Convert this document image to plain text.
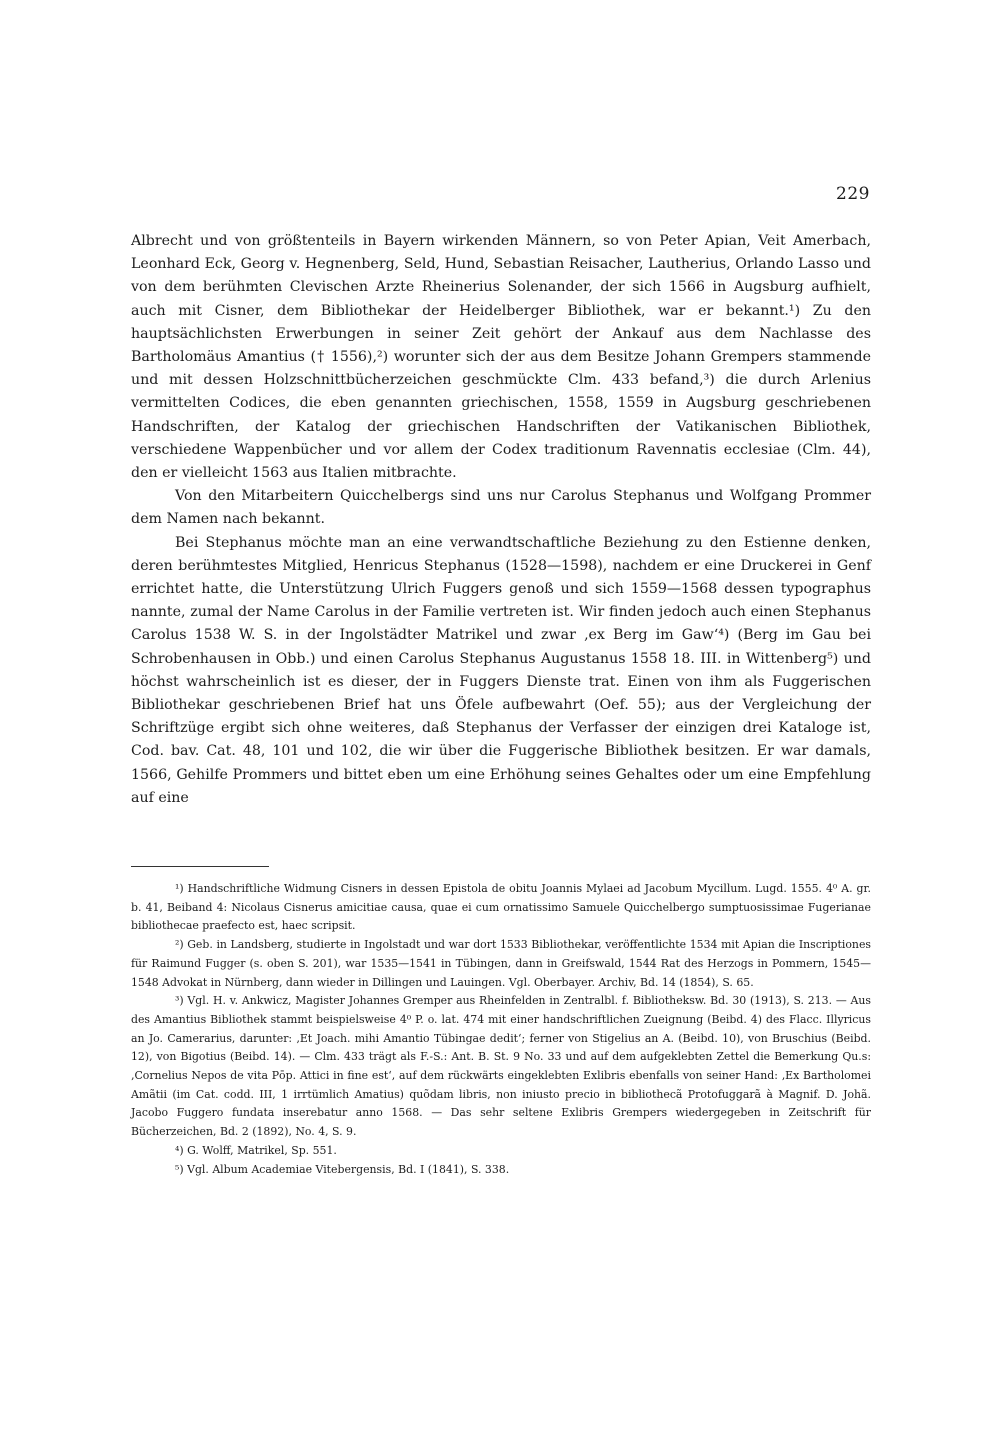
229

Albrecht und von größtenteils in Bayern wirkenden Männern, so von Peter Apian, Veit Amerbach, Leonhard Eck, Georg v. Hegnenberg, Seld, Hund, Sebastian Reisacher, Lautherius, Orlando Lasso und von dem berühmten Clevischen Arzte Rheinerius Solenander, der sich 1566 in Augsburg aufhielt, auch mit Cisner, dem Bibliothekar der Heidelberger Bibliothek, war er bekannt.¹) Zu den hauptsächlichsten Erwerbungen in seiner Zeit gehört der Ankauf aus dem Nachlasse des Bartholomäus Amantius († 1556),²) worunter sich der aus dem Besitze Johann Grempers stammende und mit dessen Holzschnittbücherzeichen geschmückte Clm. 433 befand,³) die durch Arlenius vermittelten Codices, die eben genannten griechischen, 1558, 1559 in Augsburg geschriebenen Handschriften, der Katalog der griechischen Handschriften der Vatikanischen Bibliothek, verschiedene Wappenbücher und vor allem der Codex traditionum Ravennatis ecclesiae (Clm. 44), den er vielleicht 1563 aus Italien mitbrachte.

Von den Mitarbeitern Quicchelbergs sind uns nur Carolus Stephanus und Wolfgang Prommer dem Namen nach bekannt.

Bei Stephanus möchte man an eine verwandtschaftliche Beziehung zu den Estienne denken, deren berühmtestes Mitglied, Henricus Stephanus (1528—1598), nachdem er eine Druckerei in Genf errichtet hatte, die Unterstützung Ulrich Fuggers genoß und sich 1559—1568 dessen typographus nannte, zumal der Name Carolus in der Familie vertreten ist. Wir finden jedoch auch einen Stephanus Carolus 1538 W. S. in der Ingolstädter Matrikel und zwar ‚ex Berg im Gaw‘⁴) (Berg im Gau bei Schrobenhausen in Obb.) und einen Carolus Stephanus Augustanus 1558 18. III. in Wittenberg⁵) und höchst wahrscheinlich ist es dieser, der in Fuggers Dienste trat. Einen von ihm als Fuggerischen Bibliothekar geschriebenen Brief hat uns Öfele aufbewahrt (Oef. 55); aus der Vergleichung der Schriftzüge ergibt sich ohne weiteres, daß Stephanus der Verfasser der einzigen drei Kataloge ist, Cod. bav. Cat. 48, 101 und 102, die wir über die Fuggerische Bibliothek besitzen. Er war damals, 1566, Gehilfe Prommers und bittet eben um eine Erhöhung seines Gehaltes oder um eine Empfehlung auf eine

¹) Handschriftliche Widmung Cisners in dessen Epistola de obitu Joannis Mylaei ad Jacobum Mycillum. Lugd. 1555. 4⁰ A. gr. b. 41, Beiband 4: Nicolaus Cisnerus amicitiae causa, quae ei cum ornatissimo Samuele Quicchelbergo sumptuosissimae Fugerianae bibliothecae praefecto est, haec scripsit.

²) Geb. in Landsberg, studierte in Ingolstadt und war dort 1533 Bibliothekar, veröffentlichte 1534 mit Apian die Inscriptiones für Raimund Fugger (s. oben S. 201), war 1535—1541 in Tübingen, dann in Greifswald, 1544 Rat des Herzogs in Pommern, 1545—1548 Advokat in Nürnberg, dann wieder in Dillingen und Lauingen. Vgl. Oberbayer. Archiv, Bd. 14 (1854), S. 65.

³) Vgl. H. v. Ankwicz, Magister Johannes Gremper aus Rheinfelden in Zentralbl. f. Bibliotheksw. Bd. 30 (1913), S. 213. — Aus des Amantius Bibliothek stammt beispielsweise 4⁰ P. o. lat. 474 mit einer handschriftlichen Zueignung (Beibd. 4) des Flacc. Illyricus an Jo. Camerarius, darunter: ‚Et Joach. mihi Amantio Tübingae dedit‘; ferner von Stigelius an A. (Beibd. 10), von Bruschius (Beibd. 12), von Bigotius (Beibd. 14). — Clm. 433 trägt als F.-S.: Ant. B. St. 9 No. 33 und auf dem aufgeklebten Zettel die Bemerkung Qu.s: ‚Cornelius Nepos de vita Pōp. Attici in fine est‘, auf dem rückwärts eingeklebten Exlibris ebenfalls von seiner Hand: ‚Ex Bartholomei Amãtii (im Cat. codd. III, 1 irrtümlich Amatius) quõdam libris, non iniusto precio in bibliothecã Protofuggarã à Magnif. D. Johã. Jacobo Fuggero fundata inserebatur anno 1568. — Das sehr seltene Exlibris Grempers wiedergegeben in Zeitschrift für Bücherzeichen, Bd. 2 (1892), No. 4, S. 9.

⁴) G. Wolff, Matrikel, Sp. 551.

⁵) Vgl. Album Academiae Vitebergensis, Bd. I (1841), S. 338.
